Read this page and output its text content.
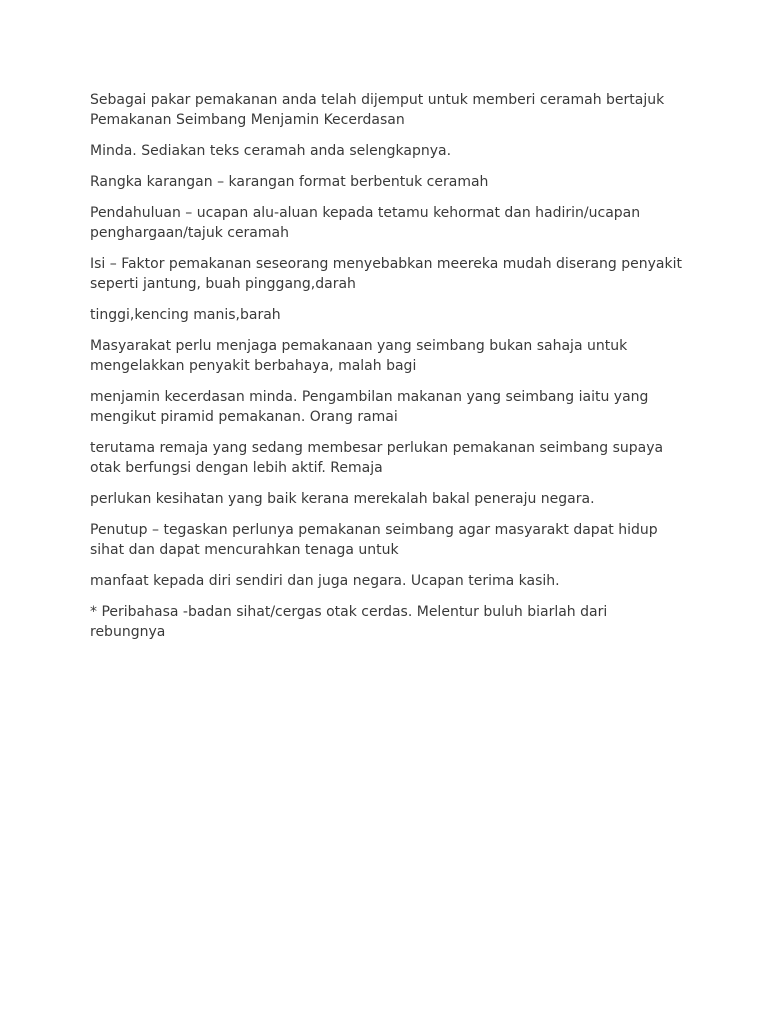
Sebagai pakar pemakanan anda telah dijemput untuk memberi ceramah bertajuk
Pemakanan Seimbang Menjamin Kecerdasan

Minda. Sediakan teks ceramah anda selengkapnya.

Rangka karangan – karangan format berbentuk ceramah

Pendahuluan – ucapan alu-aluan kepada tetamu kehormat dan hadirin/ucapan
penghargaan/tajuk ceramah

Isi – Faktor pemakanan seseorang menyebabkan meereka mudah diserang penyakit
seperti jantung, buah pinggang,darah

tinggi,kencing manis,barah

Masyarakat perlu menjaga pemakanaan yang seimbang bukan sahaja untuk
mengelakkan penyakit berbahaya, malah bagi

menjamin kecerdasan minda. Pengambilan makanan yang seimbang iaitu yang
mengikut piramid pemakanan. Orang ramai

terutama remaja yang sedang membesar perlukan pemakanan seimbang supaya
otak berfungsi dengan lebih aktif. Remaja

perlukan kesihatan yang baik kerana merekalah bakal peneraju negara.

Penutup – tegaskan perlunya pemakanan seimbang agar masyarakt dapat hidup
sihat dan dapat mencurahkan tenaga untuk

manfaat kepada diri sendiri dan juga negara. Ucapan terima kasih.

* Peribahasa -badan sihat/cergas otak cerdas. Melentur buluh biarlah dari
rebungnya
